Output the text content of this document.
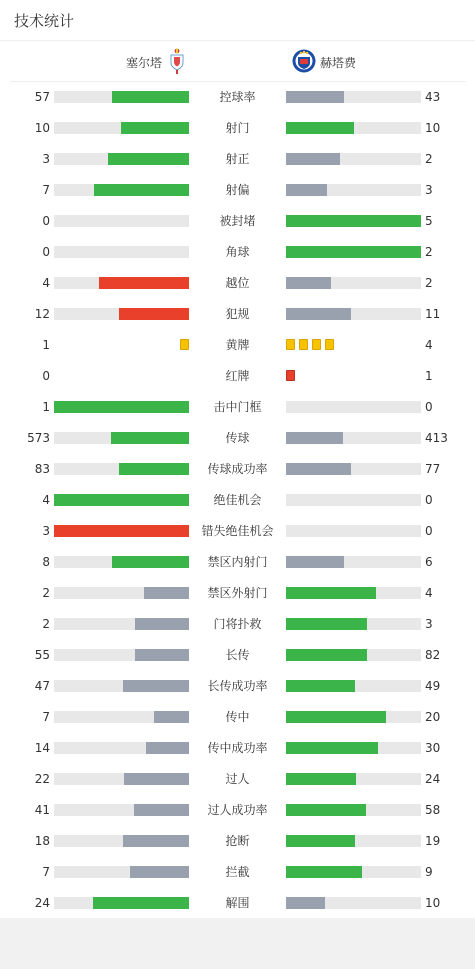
技术统计
塞尔塔	赫塔费
57	控球率	43
10	射门	10
3	射正	2
7	射偏	3
0	被封堵	5
0	角球	2
4	越位	2
12	犯规	11
1	黄牌	4
0	红牌	1
1	击中门框	0
573	传球	413
83	传球成功率	77
4	绝佳机会	0
3	错失绝佳机会	0
8	禁区内射门	6
2	禁区外射门	4
2	门将扑救	3
55	长传	82
47	长传成功率	49
7	传中	20
14	传中成功率	30
22	过人	24
41	过人成功率	58
18	抢断	19
7	拦截	9
24	解围	10
